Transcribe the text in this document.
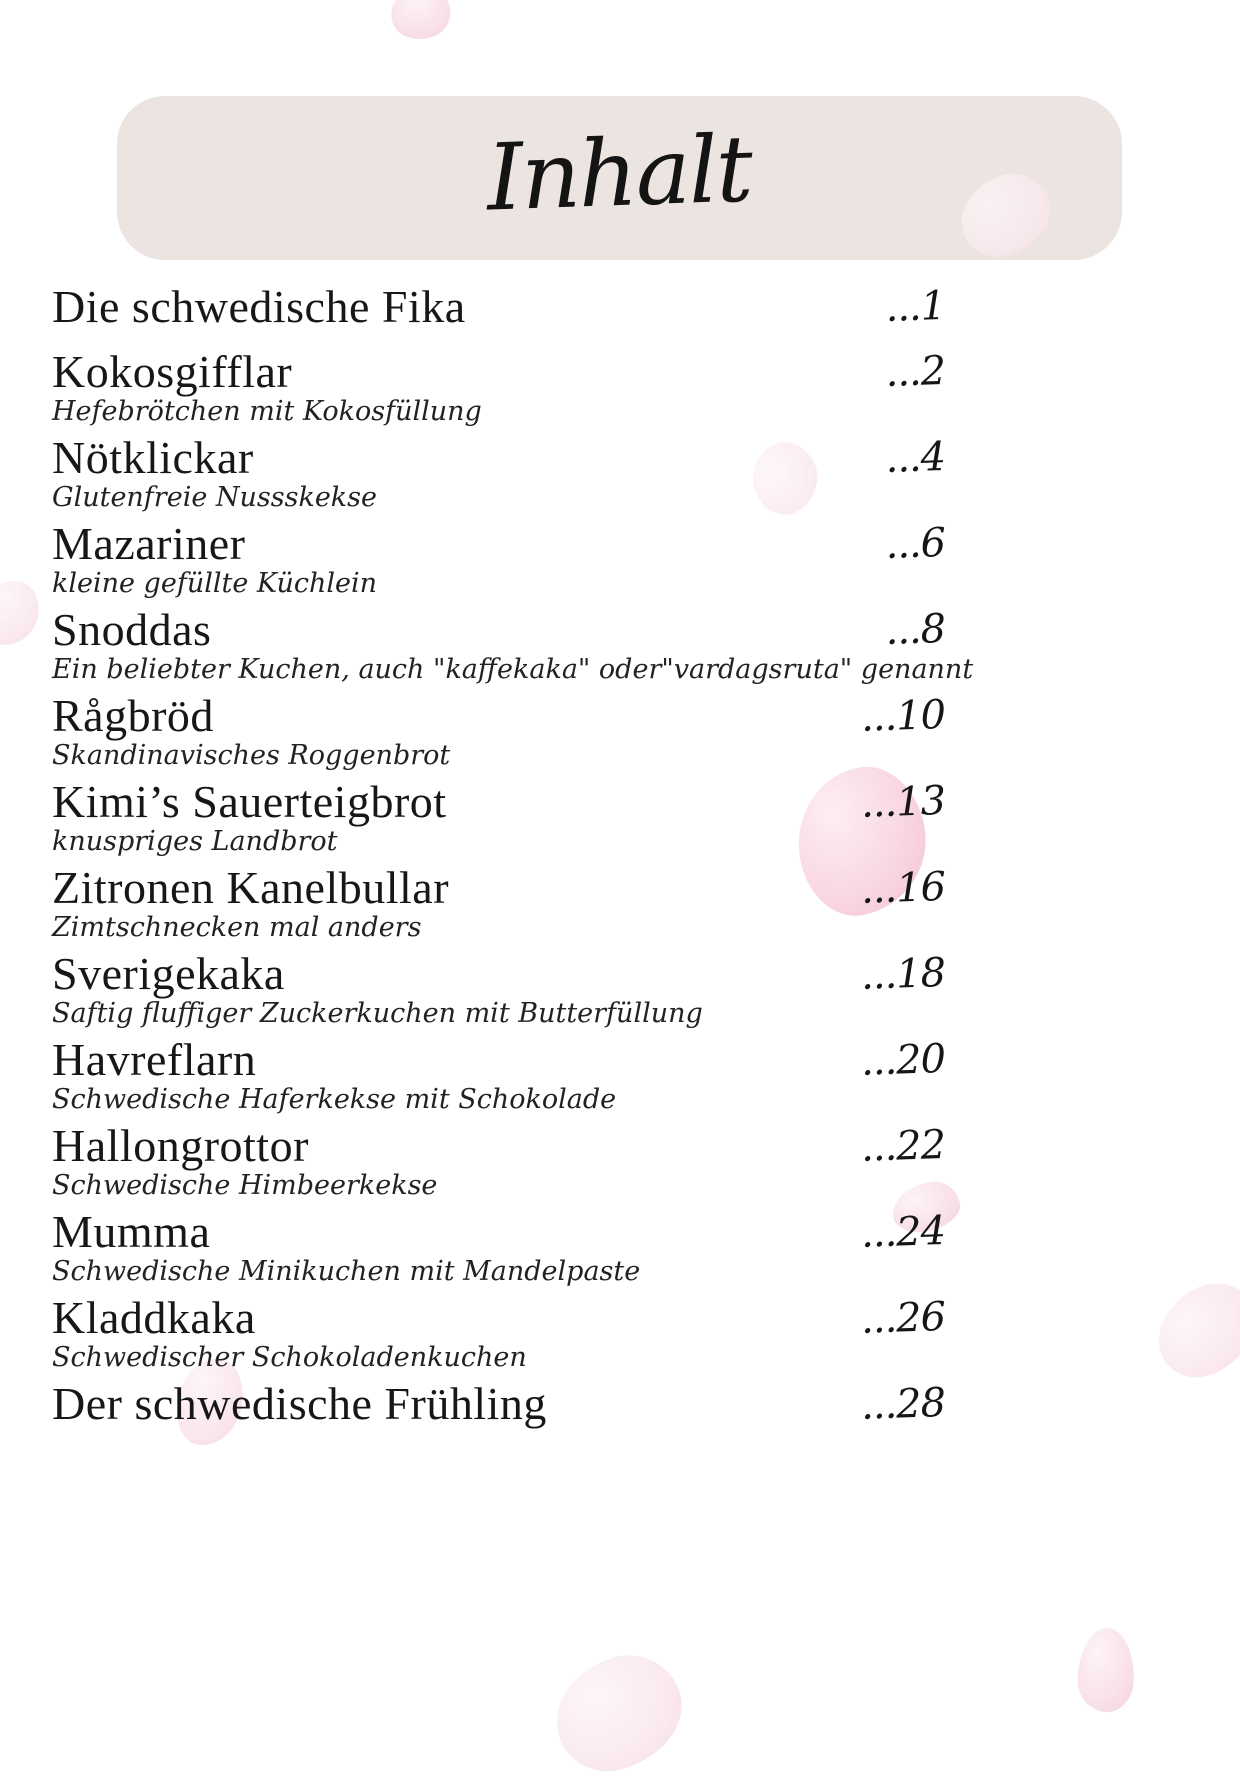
Inhalt
Die schwedische Fika	...1
Kokosgifflar
Hefebrötchen mit Kokosfüllung
...2
Nötklickar
Glutenfreie Nussskekse
...4
Mazariner
kleine gefüllte Küchlein
...6
Snoddas
Ein beliebter Kuchen, auch "kaffekaka" oder"vardagsruta" genannt
...8
Rågbröd
Skandinavisches Roggenbrot
...10
Kimi’s Sauerteigbrot
knuspriges Landbrot
...13
Zitronen Kanelbullar
Zimtschnecken mal anders
...16
Sverigekaka
Saftig fluffiger Zuckerkuchen mit Butterfüllung
...18
Havreflarn
Schwedische Haferkekse mit Schokolade
...20
Hallongrottor
Schwedische Himbeerkekse
...22
Mumma
Schwedische Minikuchen mit Mandelpaste
...24
Kladdkaka
Schwedischer Schokoladenkuchen
...26
Der schwedische Frühling	...28
